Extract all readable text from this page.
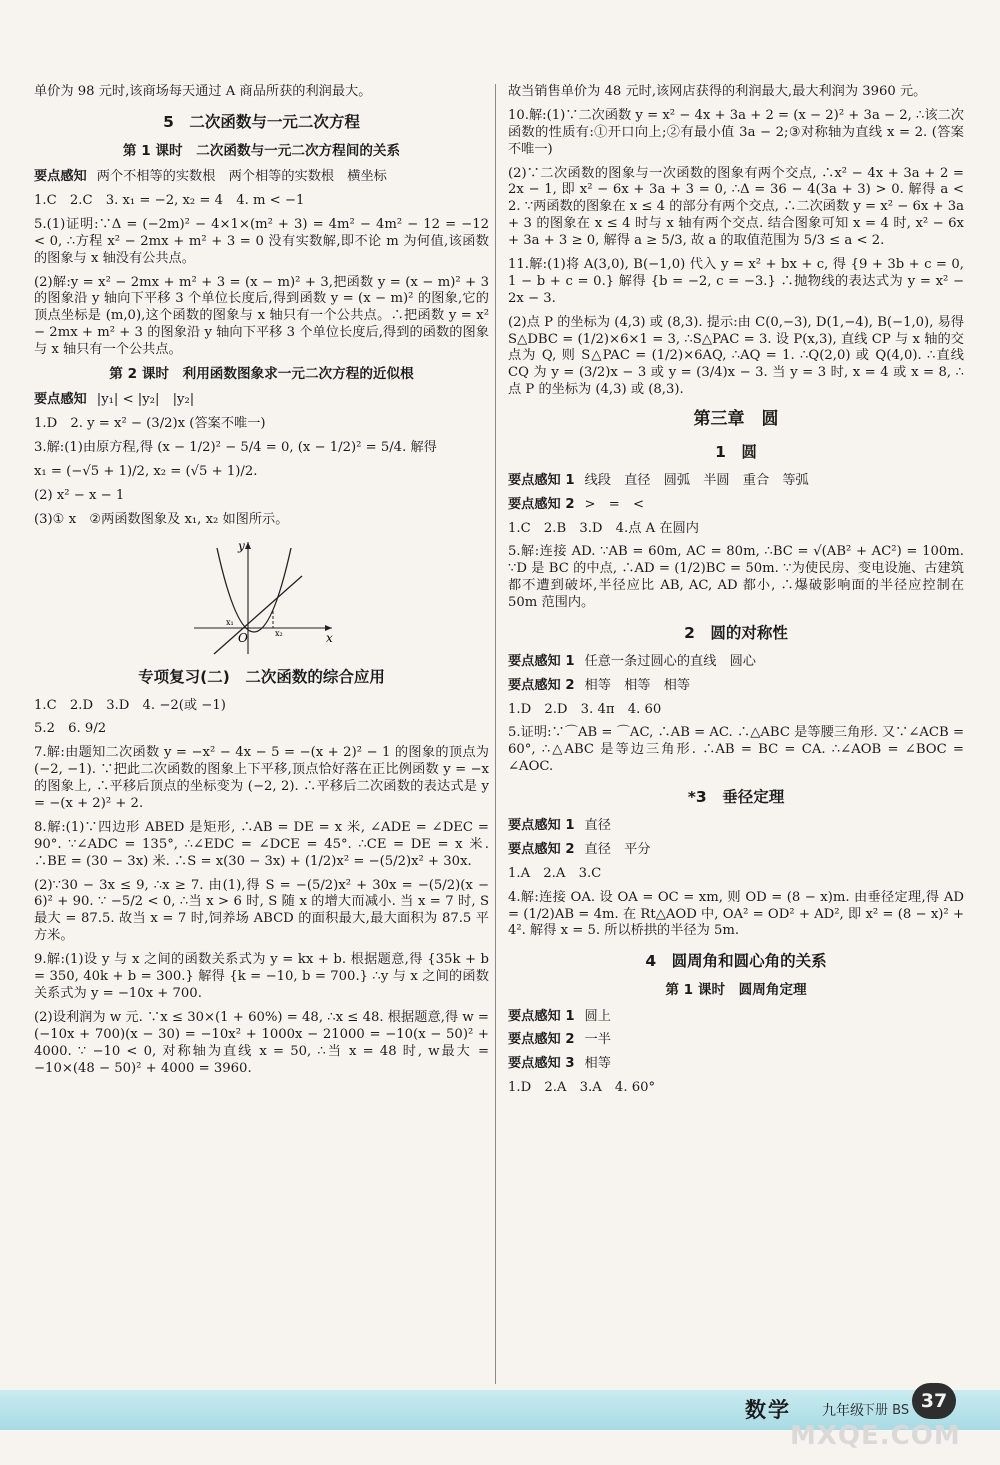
单价为 98 元时,该商场每天通过 A 商品所获的利润最大。

5　二次函数与一元二次方程
第 1 课时　二次函数与一元二次方程间的关系

要点感知 两个不相等的实数根　两个相等的实数根　横坐标

1.C　2.C　3. x₁ = −2, x₂ = 4　4. m < −1

5.(1)证明:∵Δ = (−2m)² − 4×1×(m² + 3) = 4m² − 4m² − 12 = −12 < 0, ∴方程 x² − 2mx + m² + 3 = 0 没有实数解,即不论 m 为何值,该函数的图象与 x 轴没有公共点。

(2)解:y = x² − 2mx + m² + 3 = (x − m)² + 3,把函数 y = (x − m)² + 3 的图象沿 y 轴向下平移 3 个单位长度后,得到函数 y = (x − m)² 的图象,它的顶点坐标是 (m,0),这个函数的图象与 x 轴只有一个公共点。∴把函数 y = x² − 2mx + m² + 3 的图象沿 y 轴向下平移 3 个单位长度后,得到的函数的图象与 x 轴只有一个公共点。

第 2 课时　利用函数图象求一元二次方程的近似根

要点感知 |y₁| < |y₂|　|y₂|

1.D　2. y = x² − (3/2)x (答案不唯一)

3.解:(1)由原方程,得 (x − 1/2)² − 5/4 = 0, (x − 1/2)² = 5/4. 解得

x₁ = (−√5 + 1)/2, x₂ = (√5 + 1)/2.

(2) x² − x − 1

(3)① x　②两函数图象及 x₁, x₂ 如图所示。

x
y
O
x₁
x₂
专项复习(二)　二次函数的综合应用

1.C　2.D　3.D　4. −2(或 −1)

5.2　6. 9/2

7.解:由题知二次函数 y = −x² − 4x − 5 = −(x + 2)² − 1 的图象的顶点为 (−2, −1). ∵把此二次函数的图象上下平移,顶点恰好落在正比例函数 y = −x 的图象上, ∴平移后顶点的坐标变为 (−2, 2). ∴平移后二次函数的表达式是 y = −(x + 2)² + 2.

8.解:(1)∵四边形 ABED 是矩形, ∴AB = DE = x 米, ∠ADE = ∠DEC = 90°. ∵∠ADC = 135°, ∴∠EDC = ∠DCE = 45°. ∴CE = DE = x 米. ∴BE = (30 − 3x) 米. ∴S = x(30 − 3x) + (1/2)x² = −(5/2)x² + 30x.

(2)∵30 − 3x ≤ 9, ∴x ≥ 7. 由(1),得 S = −(5/2)x² + 30x = −(5/2)(x − 6)² + 90. ∵ −5/2 < 0, ∴当 x > 6 时, S 随 x 的增大而减小. 当 x = 7 时, S最大 = 87.5. 故当 x = 7 时,饲养场 ABCD 的面积最大,最大面积为 87.5 平方米。

9.解:(1)设 y 与 x 之间的函数关系式为 y = kx + b. 根据题意,得 {35k + b = 350, 40k + b = 300.} 解得 {k = −10, b = 700.} ∴y 与 x 之间的函数关系式为 y = −10x + 700.

(2)设利润为 w 元. ∵x ≤ 30×(1 + 60%) = 48, ∴x ≤ 48. 根据题意,得 w = (−10x + 700)(x − 30) = −10x² + 1000x − 21000 = −10(x − 50)² + 4000. ∵ −10 < 0, 对称轴为直线 x = 50, ∴当 x = 48 时, w最大 = −10×(48 − 50)² + 4000 = 3960.

故当销售单价为 48 元时,该网店获得的利润最大,最大利润为 3960 元。

10.解:(1)∵二次函数 y = x² − 4x + 3a + 2 = (x − 2)² + 3a − 2, ∴该二次函数的性质有:①开口向上;②有最小值 3a − 2;③对称轴为直线 x = 2. (答案不唯一)

(2)∵二次函数的图象与一次函数的图象有两个交点, ∴x² − 4x + 3a + 2 = 2x − 1, 即 x² − 6x + 3a + 3 = 0, ∴Δ = 36 − 4(3a + 3) > 0. 解得 a < 2. ∵两函数的图象在 x ≤ 4 的部分有两个交点, ∴二次函数 y = x² − 6x + 3a + 3 的图象在 x ≤ 4 时与 x 轴有两个交点. 结合图象可知 x = 4 时, x² − 6x + 3a + 3 ≥ 0, 解得 a ≥ 5/3, 故 a 的取值范围为 5/3 ≤ a < 2.

11.解:(1)将 A(3,0), B(−1,0) 代入 y = x² + bx + c, 得 {9 + 3b + c = 0, 1 − b + c = 0.} 解得 {b = −2, c = −3.} ∴抛物线的表达式为 y = x² − 2x − 3.

(2)点 P 的坐标为 (4,3) 或 (8,3). 提示:由 C(0,−3), D(1,−4), B(−1,0), 易得 S△DBC = (1/2)×6×1 = 3, ∴S△PAC = 3. 设 P(x,3), 直线 CP 与 x 轴的交点为 Q, 则 S△PAC = (1/2)×6AQ, ∴AQ = 1. ∴Q(2,0) 或 Q(4,0). ∴直线 CQ 为 y = (3/2)x − 3 或 y = (3/4)x − 3. 当 y = 3 时, x = 4 或 x = 8, ∴点 P 的坐标为 (4,3) 或 (8,3).

第三章　圆
1　圆

要点感知 1 线段　直径　圆弧　半圆　重合　等弧

要点感知 2 >　=　<

1.C　2.B　3.D　4.点 A 在圆内

5.解:连接 AD. ∵AB = 60m, AC = 80m, ∴BC = √(AB² + AC²) = 100m. ∵D 是 BC 的中点, ∴AD = (1/2)BC = 50m. ∵为使民房、变电设施、古建筑都不遭到破坏,半径应比 AB, AC, AD 都小, ∴爆破影响面的半径应控制在 50m 范围内。

2　圆的对称性

要点感知 1 任意一条过圆心的直线　圆心

要点感知 2 相等　相等　相等

1.D　2.D　3. 4π　4. 60

5.证明:∵⌒AB = ⌒AC, ∴AB = AC. ∴△ABC 是等腰三角形. 又∵∠ACB = 60°, ∴△ABC 是等边三角形. ∴AB = BC = CA. ∴∠AOB = ∠BOC = ∠AOC.

*3　垂径定理

要点感知 1 直径

要点感知 2 直径　平分

1.A　2.A　3.C

4.解:连接 OA. 设 OA = OC = xm, 则 OD = (8 − x)m. 由垂径定理,得 AD = (1/2)AB = 4m. 在 Rt△AOD 中, OA² = OD² + AD², 即 x² = (8 − x)² + 4². 解得 x = 5. 所以桥拱的半径为 5m.

4　圆周角和圆心角的关系
第 1 课时　圆周角定理

要点感知 1 圆上

要点感知 2 一半

要点感知 3 相等

1.D　2.A　3.A　4. 60°

数学 九年级
下册 BS 37
MXQE.COM
